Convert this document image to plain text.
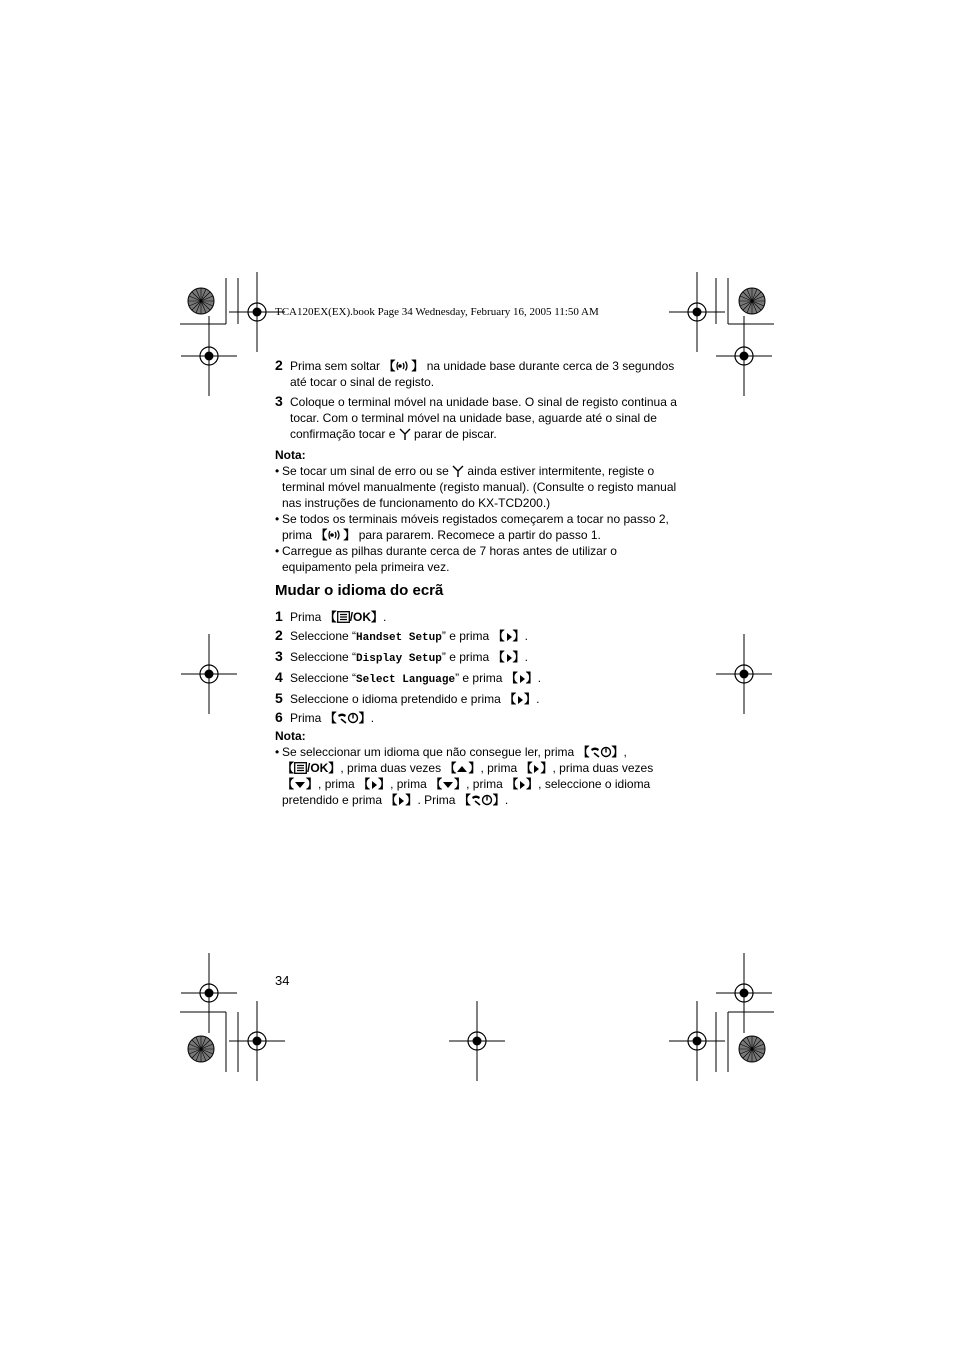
TCA120EX(EX).book Page 34 Wednesday, February 16, 2005 11:50 AM
2 Prima sem soltar 【 】 na unidade base durante cerca de 3 segundos até tocar o sinal de registo.
3 Coloque o terminal móvel na unidade base. O sinal de registo continua a tocar. Com o terminal móvel na unidade base, aguarde até o sinal de confirmação tocar e  parar de piscar.
Nota:
• Se tocar um sinal de erro ou se  ainda estiver intermitente, registe o terminal móvel manualmente (registo manual). (Consulte o registo manual nas instruções de funcionamento do KX-TCD200.)
• Se todos os terminais móveis registados começarem a tocar no passo 2, prima 【 】 para pararem. Recomece a partir do passo 1.
• Carregue as pilhas durante cerca de 7 horas antes de utilizar o equipamento pela primeira vez.
Mudar o idioma do ecrã
1 Prima 【 /OK】.
2 Seleccione “Handset Setup” e prima 【 】.
3 Seleccione “Display Setup” e prima 【 】.
4 Seleccione “Select Language” e prima 【 】.
5 Seleccione o idioma pretendido e prima 【 】.
6 Prima 【 】.
Nota:
• Se seleccionar um idioma que não consegue ler, prima 【 】, 【 /OK】, prima duas vezes 【 】, prima 【 】, prima duas vezes 【 】, prima 【 】, prima 【 】, prima 【 】, seleccione o idioma pretendido e prima 【 】. Prima 【 】.
34
